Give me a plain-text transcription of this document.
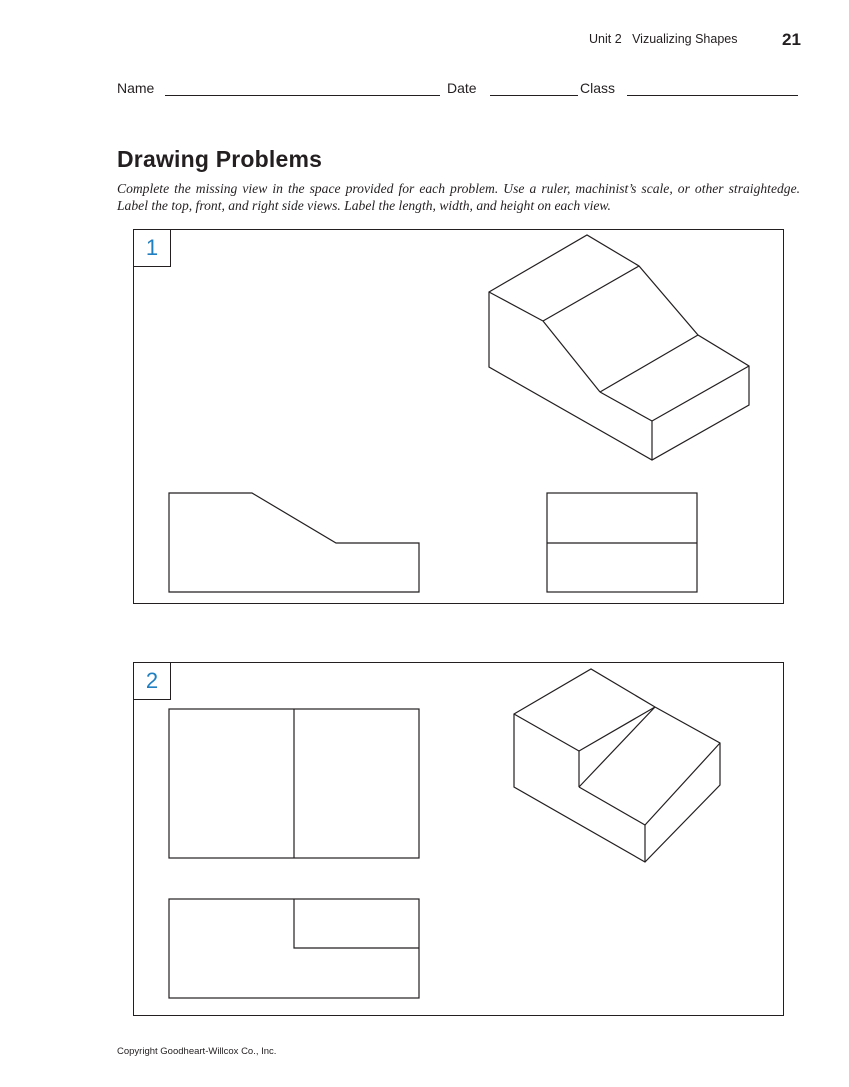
Unit 2   Vizualizing Shapes	21
Name	Date	Class
Drawing Problems
Complete the missing view in the space provided for each problem. Use a ruler, machinist’s scale, or other straightedge. Label the top, front, and right side views. Label the length, width, and height on each view.
1
2
Copyright Goodheart-Willcox Co., Inc.
